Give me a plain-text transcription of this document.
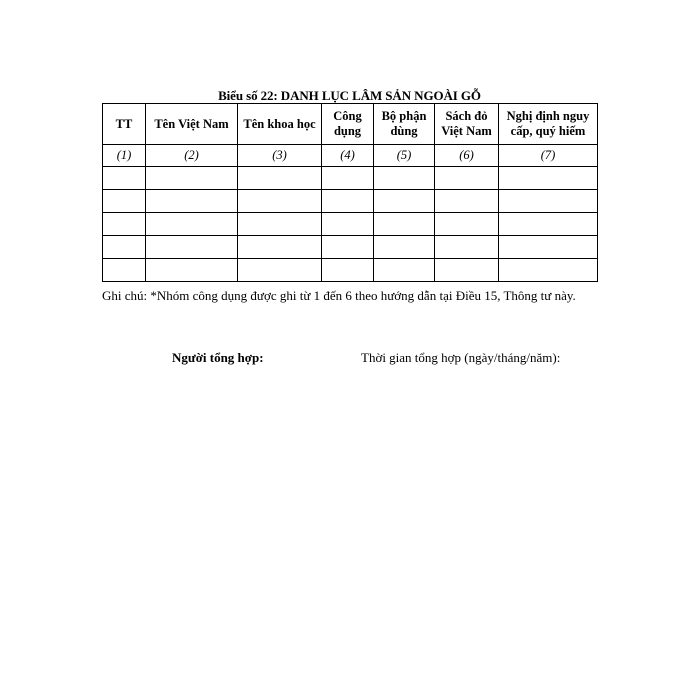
Biểu số 22: DANH LỤC LÂM SẢN NGOÀI GỖ
TT	Tên Việt Nam	Tên khoa học	Công dụng	Bộ phận dùng	Sách đỏ Việt Nam	Nghị định nguy cấp, quý hiếm
(1)	(2)	(3)	(4)	(5)	(6)	(7)

Ghi chú: *Nhóm công dụng được ghi từ 1 đến 6 theo hướng dẫn tại Điều 15, Thông tư này.
Người tổng hợp:	Thời gian tổng hợp (ngày/tháng/năm):
